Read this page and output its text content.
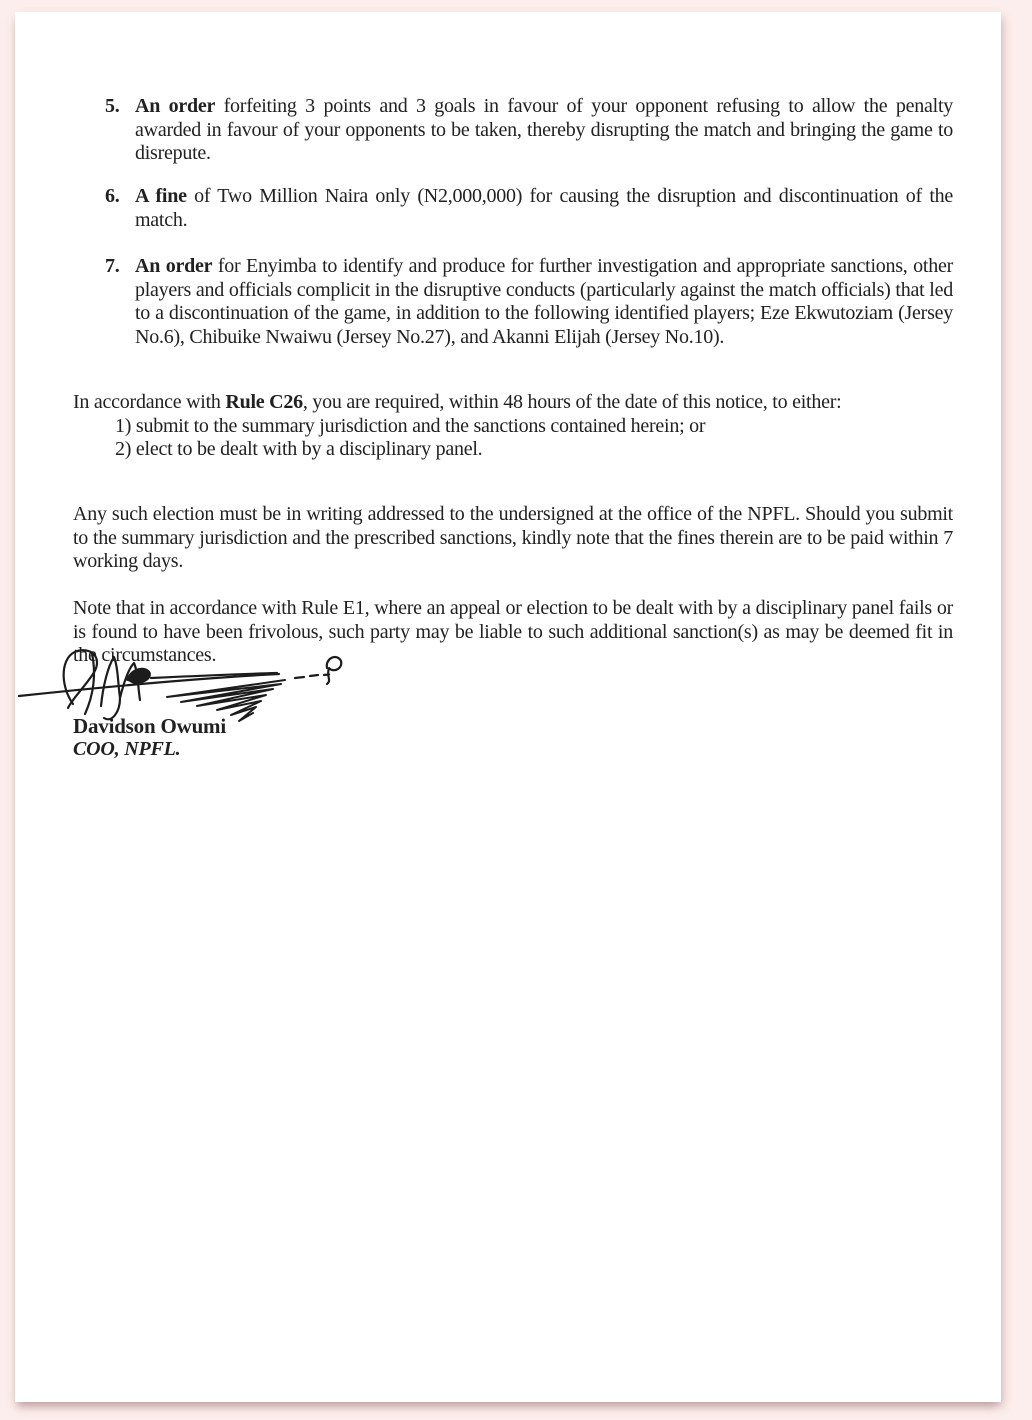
5. An order forfeiting 3 points and 3 goals in favour of your opponent refusing to allow the penalty awarded in favour of your opponents to be taken, thereby disrupting the match and bringing the game to disrepute.
6. A fine of Two Million Naira only (N2,000,000) for causing the disruption and discontinuation of the match.
7. An order for Enyimba to identify and produce for further investigation and appropriate sanctions, other players and officials complicit in the disruptive conducts (particularly against the match officials) that led to a discontinuation of the game, in addition to the following identified players; Eze Ekwutoziam (Jersey No.6), Chibuike Nwaiwu (Jersey No.27), and Akanni Elijah (Jersey No.10).
In accordance with Rule C26, you are required, within 48 hours of the date of this notice, to either:
1) submit to the summary jurisdiction and the sanctions contained herein; or
2) elect to be dealt with by a disciplinary panel.
Any such election must be in writing addressed to the undersigned at the office of the NPFL. Should you submit to the summary jurisdiction and the prescribed sanctions, kindly note that the fines therein are to be paid within 7 working days.
Note that in accordance with Rule E1, where an appeal or election to be dealt with by a disciplinary panel fails or is found to have been frivolous, such party may be liable to such additional sanction(s) as may be deemed fit in the circumstances.
Davidson Owumi
COO, NPFL.
